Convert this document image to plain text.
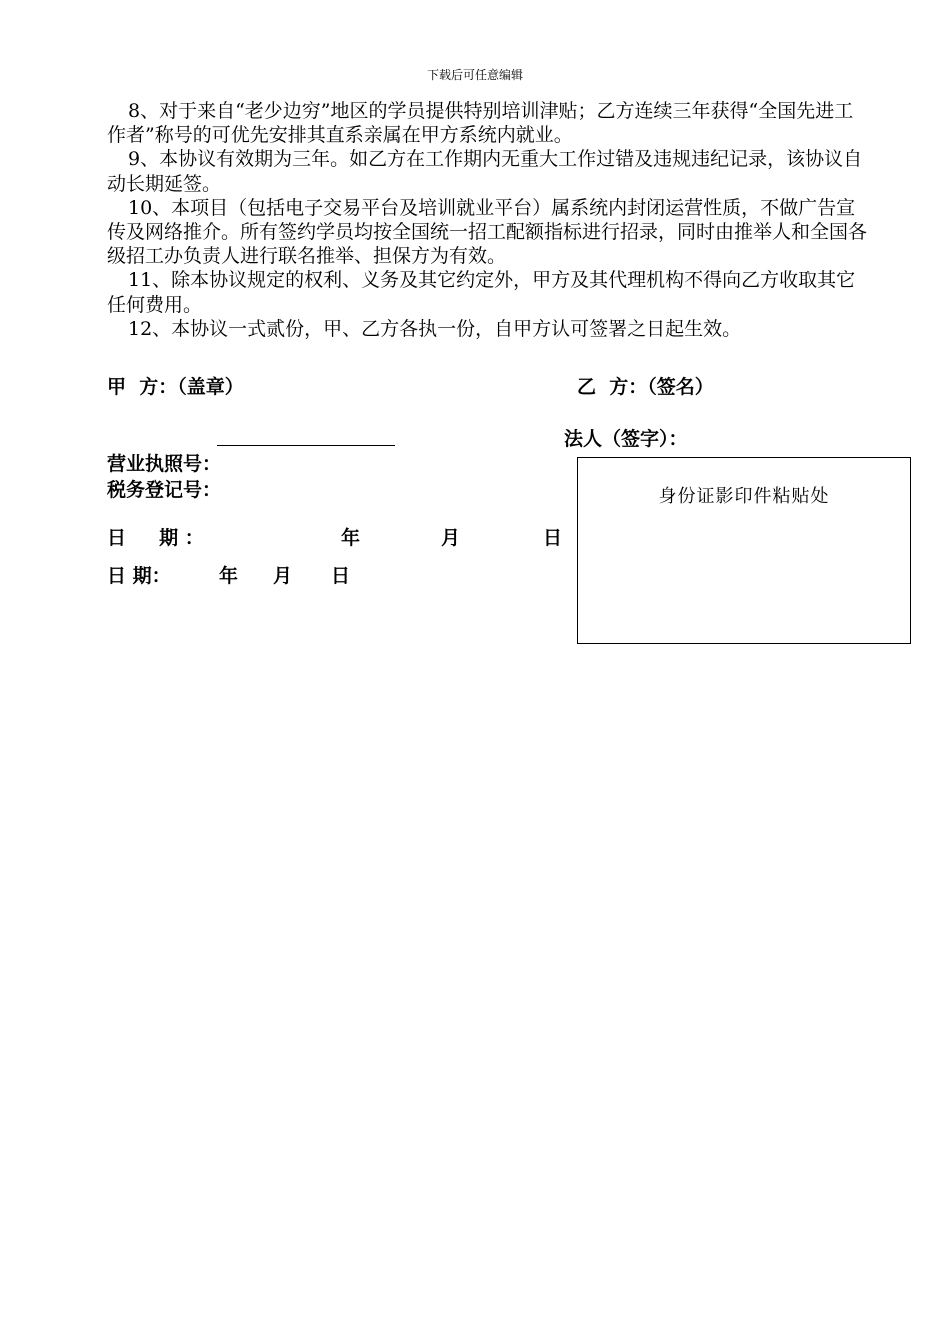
下载后可任意编辑

8、对于来自“老少边穷”地区的学员提供特别培训津贴；乙方连续三年获得“全国先进工作者”称号的可优先安排其直系亲属在甲方系统内就业。

9、本协议有效期为三年。如乙方在工作期内无重大工作过错及违规违纪记录，该协议自动长期延签。

10、本项目（包括电子交易平台及培训就业平台）属系统内封闭运营性质，不做广告宣传及网络推介。所有签约学员均按全国统一招工配额指标进行招录，同时由推举人和全国各级招工办负责人进行联名推举、担保方为有效。

11、除本协议规定的权利、义务及其它约定外，甲方及其代理机构不得向乙方收取其它任何费用。

12、本协议一式贰份，甲、乙方各执一份，自甲方认可签署之日起生效。

甲  方：（盖章）	乙  方：（签名）
法人（签字）：
营业执照号：
税务登记号：
日     期 ：	年	月	日
日 期：	年 月 日
身份证影印件粘贴处
